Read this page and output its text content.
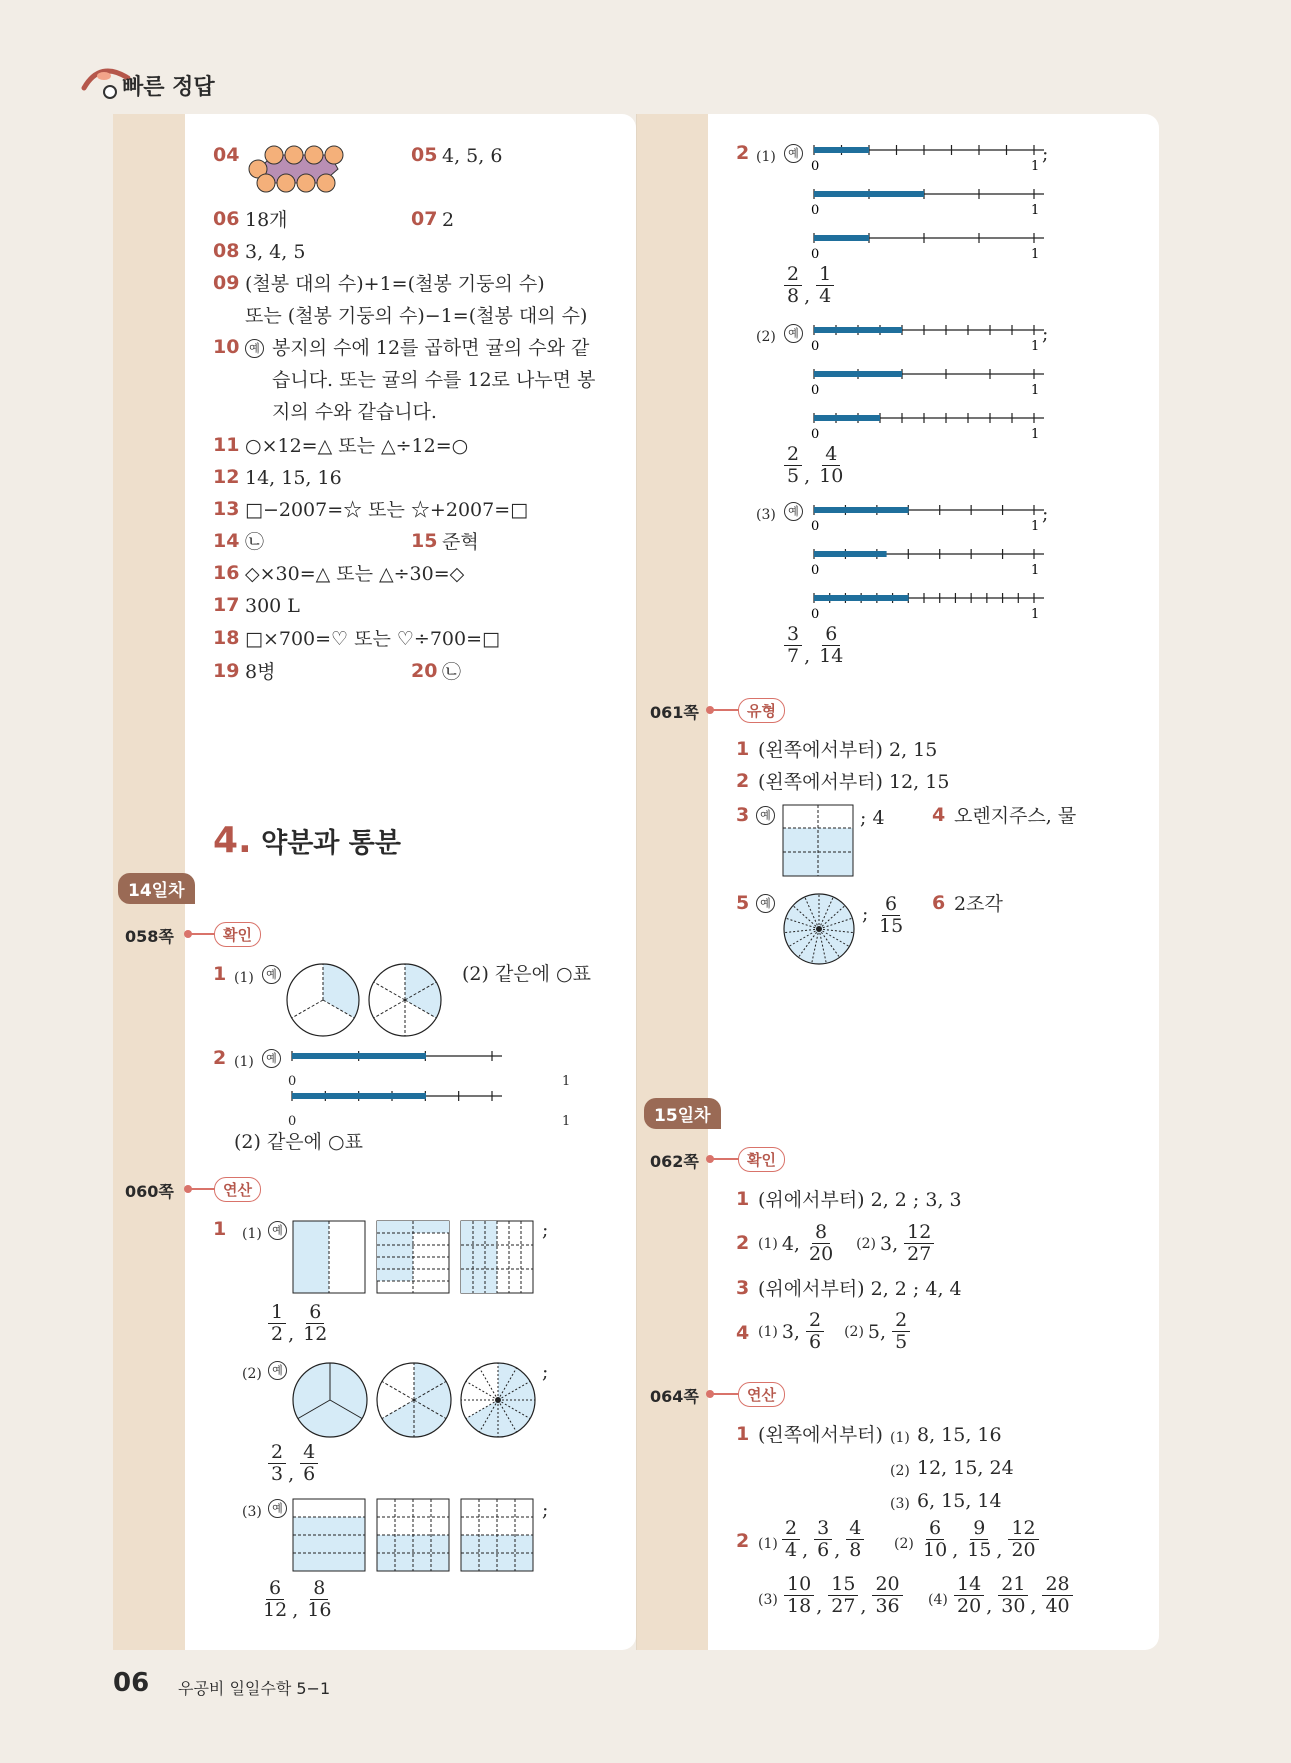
빠른 정답
04	05 4, 5, 6
06 18개	07 2
08 3, 4, 5
09 (철봉 대의 수)+1=(철봉 기둥의 수)
또는 (철봉 기둥의 수)−1=(철봉 대의 수)
10 예 봉지의 수에 12를 곱하면 귤의 수와 같
습니다. 또는 귤의 수를 12로 나누면 봉
지의 수와 같습니다.
11 ○×12=△ 또는 △÷12=○
12 14, 15, 16
13 □−2007=☆ 또는 ☆+2007=□
14 ㉡	15 준혁
16 ◇×30=△ 또는 △÷30=◇
17 300 L
18 □×700=♡ 또는 ♡÷700=□
19 8병	20 ㉡
4. 약분과 통분
14일차
058쪽	확인
1 (1)	예	(2) 같은에 ○표
2 (1)	예
0	1
0	1
(2) 같은에 ○표
060쪽	연산
1 (1) 예	;
$\frac{1}{2}$ , $\frac{6}{12}$
(2) 예	;
$\frac{2}{3}$ , $\frac{4}{6}$
(3) 예	;
$\frac{6}{12}$ , $\frac{8}{16}$
2 (1)	예
0	1
0	1
0	1
;
$\frac{2}{8}$ , $\frac{1}{4}$
(2)	예
0	1
0	1
0	1
;
$\frac{2}{5}$ , $\frac{4}{10}$
(3)	예
0	1
0	1
0	1
;
$\frac{3}{7}$ , $\frac{6}{14}$
061쪽	유형
1 (왼쪽에서부터) 2, 15
2 (왼쪽에서부터) 12, 15
3 예	; 4 4 오렌지주스, 물
5 예	; $\frac{6}{15} 6$ 2조각
15일차
062쪽	확인
1 (위에서부터) 2, 2 ; 3, 3
2 (1) 4, $\frac{8}{20} (2)$ 3, $\frac{12}{27}$
3 (위에서부터) 2, 2 ; 4, 4
4 (1) 3, $\frac{2}{6} (2)$ 5, $\frac{2}{5}$
064쪽	연산
1 (왼쪽에서부터) (1) 8, 15, 16
(2) 12, 15, 24
(3) 6, 15, 14
2 $(1) \frac{2}{4}$ , $\frac{3}{6}$ , $\frac{4}{8} (2) \frac{6}{10}$ , $\frac{9}{15}$ , $\frac{12}{20}$
$(3) \frac{10}{18}$ , $\frac{15}{27}$ , $\frac{20}{36} (4) \frac{14}{20}$ , $\frac{21}{30}$ , $\frac{28}{40}$
06 우공비 일일수학 5−1
